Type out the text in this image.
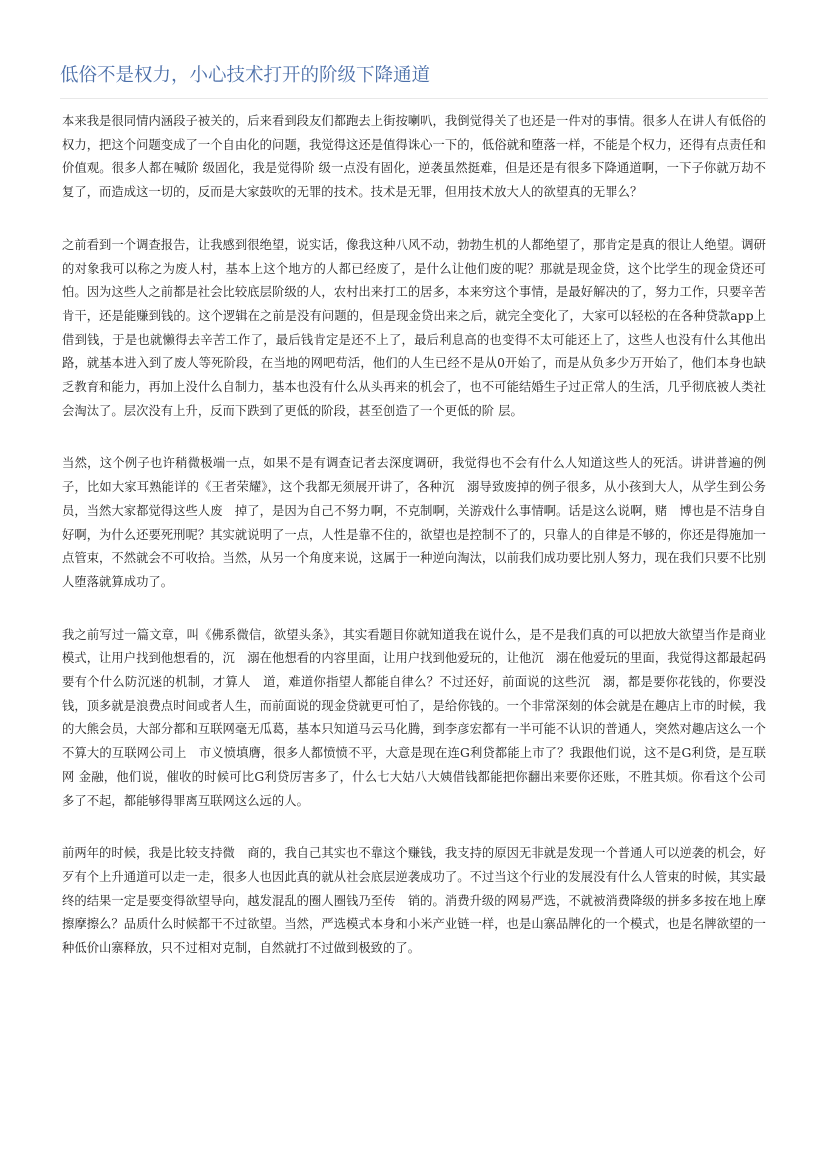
低俗不是权力，小心技术打开的阶级下降通道

本来我是很同情内涵段子被关的，后来看到段友们都跑去上街按喇叭，我倒觉得关了也还是一件对的事情。很多人在讲人有低俗的权力，把这个问题变成了一个自由化的问题，我觉得这还是值得诛心一下的，低俗就和堕落一样，不能是个权力，还得有点责任和价值观。很多人都在喊阶 级固化，我是觉得阶 级一点没有固化，逆袭虽然挺难，但是还是有很多下降通道啊，一下子你就万劫不复了，而造成这一切的，反而是大家鼓吹的无罪的技术。技术是无罪，但用技术放大人的欲望真的无罪么？

之前看到一个调查报告，让我感到很绝望，说实话，像我这种八风不动，勃勃生机的人都绝望了，那肯定是真的很让人绝望。调研的对象我可以称之为废人村，基本上这个地方的人都已经废了，是什么让他们废的呢？那就是现金贷，这个比学生的现金贷还可怕。因为这些人之前都是社会比较底层阶级的人，农村出来打工的居多，本来穷这个事情，是最好解决的了，努力工作，只要辛苦肯干，还是能赚到钱的。这个逻辑在之前是没有问题的，但是现金贷出来之后，就完全变化了，大家可以轻松的在各种贷款app上借到钱，于是也就懒得去辛苦工作了，最后钱肯定是还不上了，最后利息高的也变得不太可能还上了，这些人也没有什么其他出路，就基本进入到了废人等死阶段，在当地的网吧苟活，他们的人生已经不是从0开始了，而是从负多少万开始了，他们本身也缺乏教育和能力，再加上没什么自制力，基本也没有什么从头再来的机会了，也不可能结婚生子过正常人的生活，几乎彻底被人类社会淘汰了。层次没有上升，反而下跌到了更低的阶段，甚至创造了一个更低的阶 层。

当然，这个例子也许稍微极端一点，如果不是有调查记者去深度调研，我觉得也不会有什么人知道这些人的死活。讲讲普遍的例子，比如大家耳熟能详的《王者荣耀》，这个我都无须展开讲了，各种沉　溺导致废掉的例子很多，从小孩到大人，从学生到公务员，当然大家都觉得这些人废　掉了，是因为自己不努力啊，不克制啊，关游戏什么事情啊。话是这么说啊，赌　博也是不洁身自好啊，为什么还要死刑呢？其实就说明了一点，人性是靠不住的，欲望也是控制不了的，只靠人的自律是不够的，你还是得施加一点管束，不然就会不可收拾。当然，从另一个角度来说，这属于一种逆向淘汰，以前我们成功要比别人努力，现在我们只要不比别人堕落就算成功了。

我之前写过一篇文章，叫《佛系微信，欲望头条》，其实看题目你就知道我在说什么，是不是我们真的可以把放大欲望当作是商业模式，让用户找到他想看的，沉　溺在他想看的内容里面，让用户找到他爱玩的，让他沉　溺在他爱玩的里面，我觉得这都最起码要有个什么防沉迷的机制，才算人　道，难道你指望人都能自律么？不过还好，前面说的这些沉　溺，都是要你花钱的，你要没钱，顶多就是浪费点时间或者人生，而前面说的现金贷就更可怕了，是给你钱的。一个非常深刻的体会就是在趣店上市的时候，我的大熊会员，大部分都和互联网毫无瓜葛，基本只知道马云马化腾，到李彦宏都有一半可能不认识的普通人，突然对趣店这么一个不算大的互联网公司上　市义愤填膺，很多人都愤愤不平，大意是现在连G利贷都能上市了？我跟他们说，这不是G利贷，是互联网 金融，他们说，催收的时候可比G利贷厉害多了，什么七大姑八大姨借钱都能把你翻出来要你还账，不胜其烦。你看这个公司多了不起，都能够得罪离互联网这么远的人。

前两年的时候，我是比较支持微　商的，我自己其实也不靠这个赚钱，我支持的原因无非就是发现一个普通人可以逆袭的机会，好歹有个上升通道可以走一走，很多人也因此真的就从社会底层逆袭成功了。不过当这个行业的发展没有什么人管束的时候，其实最终的结果一定是要变得欲望导向，越发混乱的圈人圈钱乃至传　销的。消费升级的网易严选，不就被消费降级的拼多多按在地上摩擦摩擦么？品质什么时候都干不过欲望。当然，严选模式本身和小米产业链一样，也是山寨品牌化的一个模式，也是名牌欲望的一种低价山寨释放，只不过相对克制，自然就打不过做到极致的了。
